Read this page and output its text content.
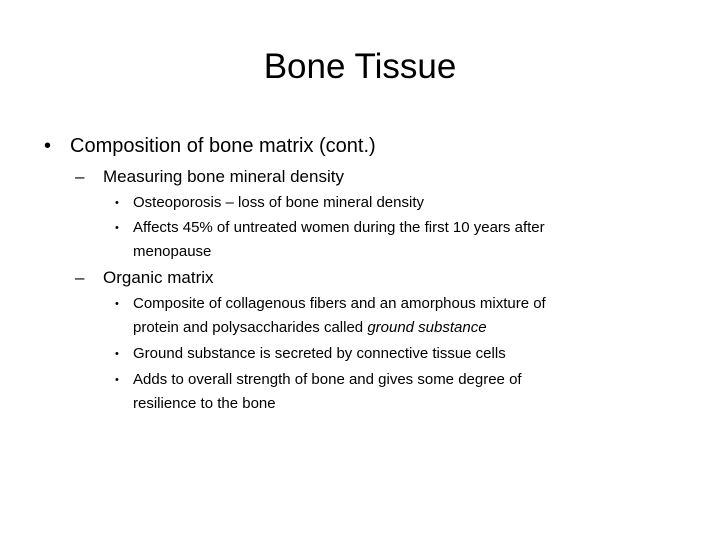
Bone Tissue
• Composition of bone matrix (cont.)
– Measuring bone mineral density
• Osteoporosis – loss of bone mineral density
• Affects 45% of untreated women during the first 10 years after
menopause
– Organic matrix
• Composite of collagenous fibers and an amorphous mixture of
protein and polysaccharides called ground substance
• Ground substance is secreted by connective tissue cells
• Adds to overall strength of bone and gives some degree of
resilience to the bone
